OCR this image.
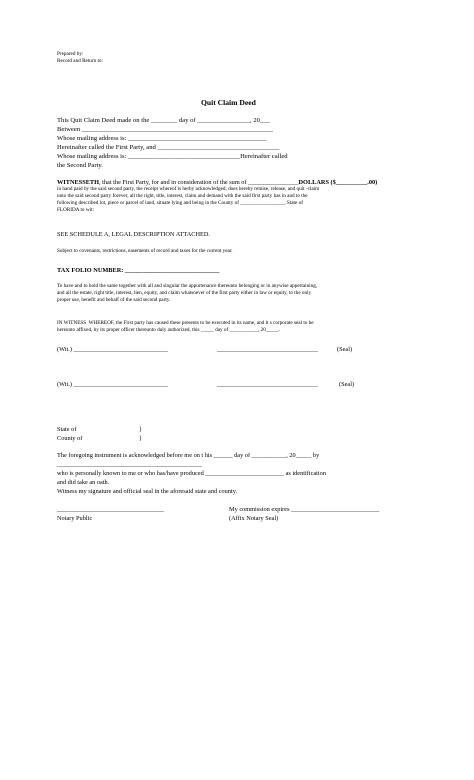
Prepared by:
Record and Return to:
Quit Claim Deed
This Quit Claim Deed made on the ________ day of ________________, 20___
Between __________________________________________________________
Whose mailing address is: __________________________________________
Hereinafter called the First Party, and _____________________________________
Whose mailing address is: __________________________________Hereinafter called
the Second Party.
WITNESSETH, that the First Party, for and in consideration of the sum of ________________DOLLARS ($__________.00)
in hand paid by the said second party, the receipt whereof is herby acknowledged, does hereby remise, release, and quit -claim
unto the said second party forever, all the right, title, interest, claim and demand with the said first party has in and to the
following described lot, piece or parcel of land, situate lying and being in the County of _________________, State of
FLORIDA to wit:
SEE SCHEDULE A, LEGAL DESCRIPTION ATTACHED.
Subject to covenants, restrictions, easements of record and taxes for the current year.
TAX FOLIO NUMBER: ______________________________
To have and to hold the same together with all and singular the appurtenance thereunto belonging or in anywise appertaining,
and all the estate, right title, interest, lien, equity, and claim whatsoever of the first party either in law or equity, to the only
proper use, benefit and behalf of the said second party.
IN WITNESS  WHEREOF, the First party has caused these presents to be executed in its name, and it s corporate seal to be
hereunto affixed, by its proper officer thereunto duly authorized, this _____ day of ___________, 20_____.
(Wit.) ______________________________	________________________________	(Seal)
(Wit.) ______________________________	________________________________	(Seal)
State of	}
County of	}
The foregoing instrument is acknowledged before me on t his ______ day of ___________, 20_____ by
______________________________________________
who is personally known to me or who has/have produced _________________________ as identification
and did take an oath.
Witness my signature and official seal in the aforesaid state and county.
__________________________________	My commission expires ____________________________
Notary Public	(Affix Notary Seal)
